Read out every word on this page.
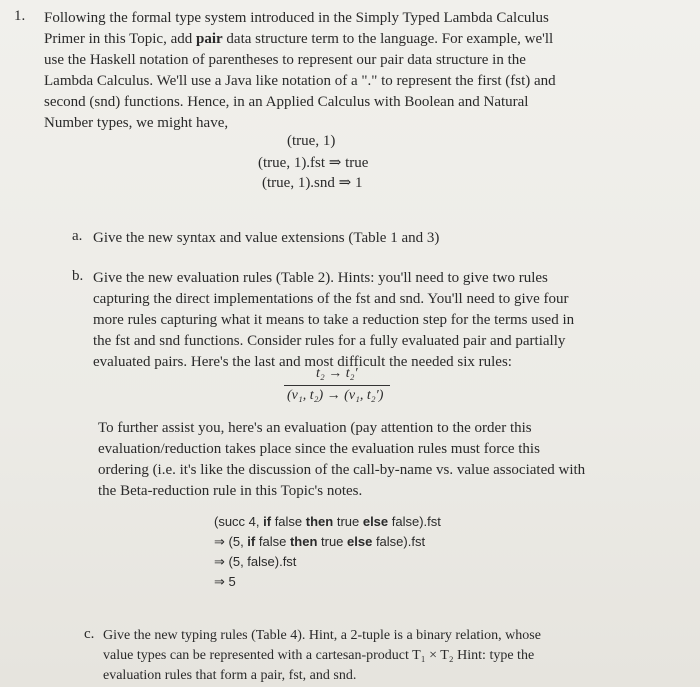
1. Following the formal type system introduced in the Simply Typed Lambda Calculus
Primer in this Topic, add pair data structure term to the language. For example, we'll
use the Haskell notation of parentheses to represent our pair data structure in the
Lambda Calculus. We'll use a Java like notation of a "." to represent the first (fst) and
second (snd) functions. Hence, in an Applied Calculus with Boolean and Natural
Number types, we might have,
(true, 1)
(true, 1).fst ⇒ true
(true, 1).snd ⇒ 1
a. Give the new syntax and value extensions (Table 1 and 3)
b. Give the new evaluation rules (Table 2). Hints: you'll need to give two rules
capturing the direct implementations of the fst and snd. You'll need to give four
more rules capturing what it means to take a reduction step for the terms used in
the fst and snd functions. Consider rules for a fully evaluated pair and partially
evaluated pairs. Here's the last and most difficult the needed six rules:
t₂ → t₂′
(v₁, t₂) → (v₁, t₂′)
To further assist you, here's an evaluation (pay attention to the order this
evaluation/reduction takes place since the evaluation rules must force this
ordering (i.e. it's like the discussion of the call-by-name vs. value associated with
the Beta-reduction rule in this Topic's notes.
(succ 4, if false then true else false).fst
⇒ (5, if false then true else false).fst
⇒ (5, false).fst
⇒ 5
c. Give the new typing rules (Table 4). Hint, a 2-tuple is a binary relation, whose
value types can be represented with a cartesan-product T₁ × T₂ Hint: type the
evaluation rules that form a pair, fst, and snd.
